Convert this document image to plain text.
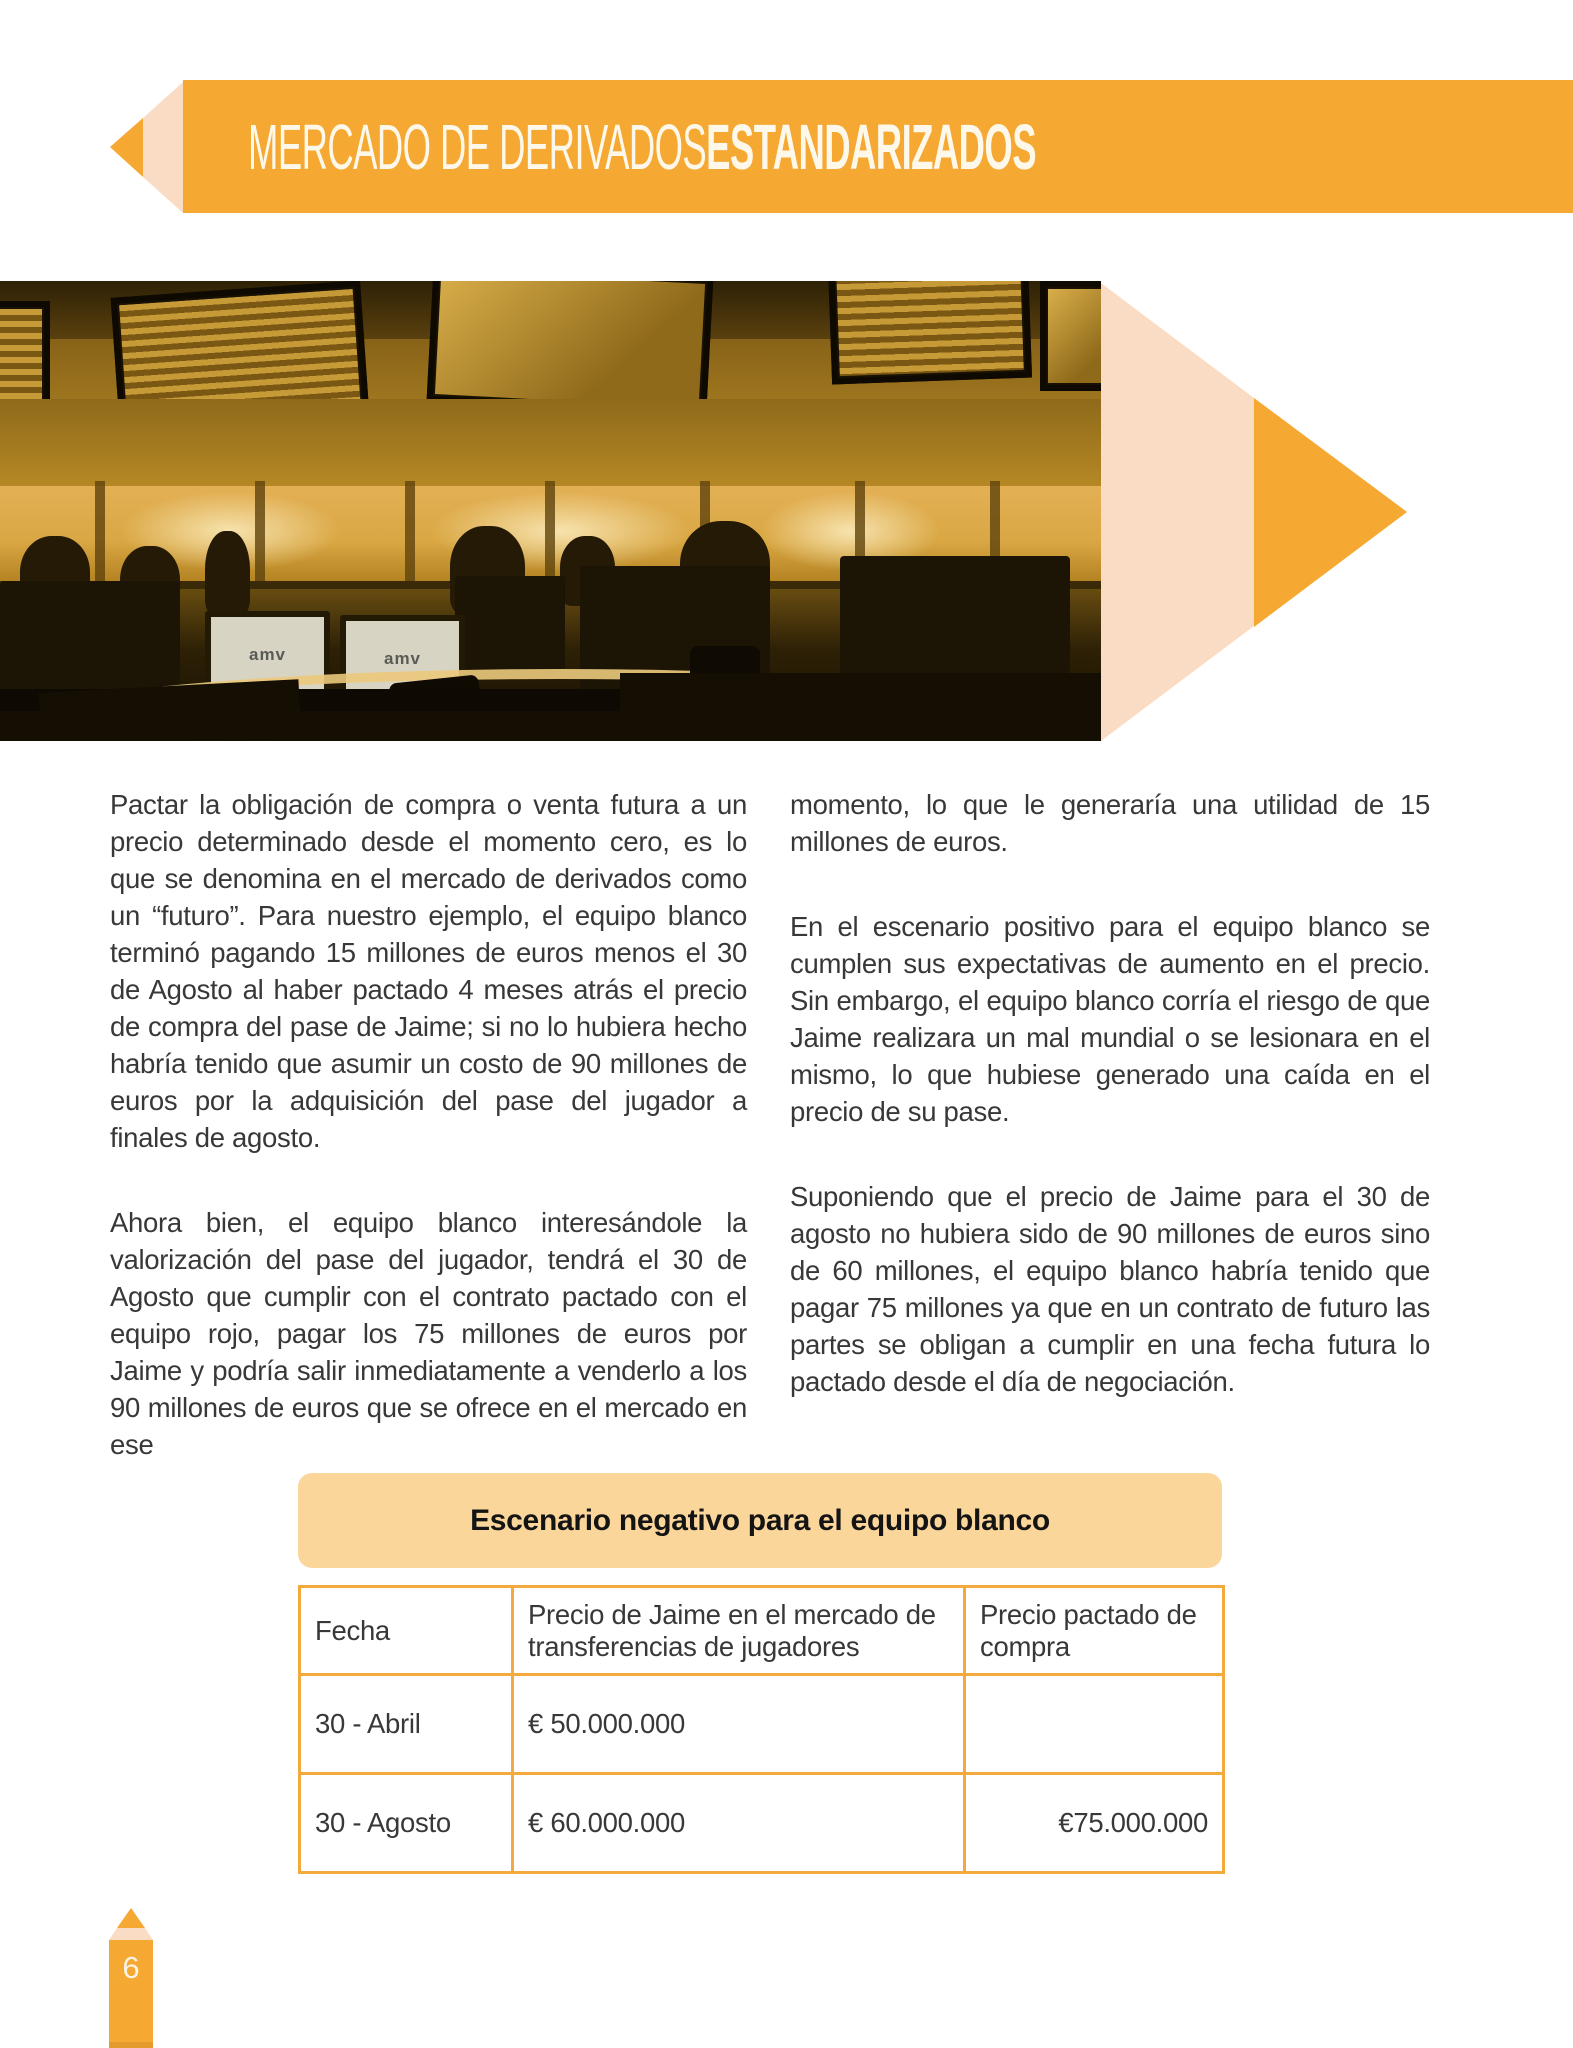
MERCADO DE DERIVADOS ESTANDARIZADOS
amv	amv

Pactar la obligación de compra o venta futura a un precio determinado desde el momento cero, es lo que se denomina en el mercado de derivados como un “futuro”. Para nuestro ejemplo, el equipo blanco terminó pagando 15 millones de euros menos el 30 de Agosto al haber pactado 4 meses atrás el precio de compra del pase de Jaime; si no lo hubiera hecho habría tenido que asumir un costo de 90 millones de euros por la adquisición del pase del jugador a finales de agosto.

Ahora bien, el equipo blanco interesándole la valorización del pase del jugador, tendrá el 30 de Agosto que cumplir con el contrato pactado con el equipo rojo, pagar los 75 millones de euros por Jaime y podría salir inmediatamente a venderlo a los 90 millones de euros que se ofrece en el mercado en ese

momento, lo que le generaría una utilidad de 15 millones de euros.

En el escenario positivo para el equipo blanco se cumplen sus expectativas de aumento en el precio. Sin embargo, el equipo blanco corría el riesgo de que Jaime realizara un mal mundial o se lesionara en el mismo, lo que hubiese generado una caída en el precio de su pase.

Suponiendo que el precio de Jaime para el 30 de agosto no hubiera sido de 90 millones de euros sino de 60 millones, el equipo blanco habría tenido que pagar 75 millones ya que en un contrato de futuro las partes se obligan a cumplir en una fecha futura lo pactado desde el día de negociación.

Escenario negativo para el equipo blanco
Fecha	Precio de Jaime en el mercado de transferencias de jugadores	Precio pactado de compra
30 - Abril	€ 50.000.000	
30 - Agosto	€ 60.000.000	€75.000.000
6
